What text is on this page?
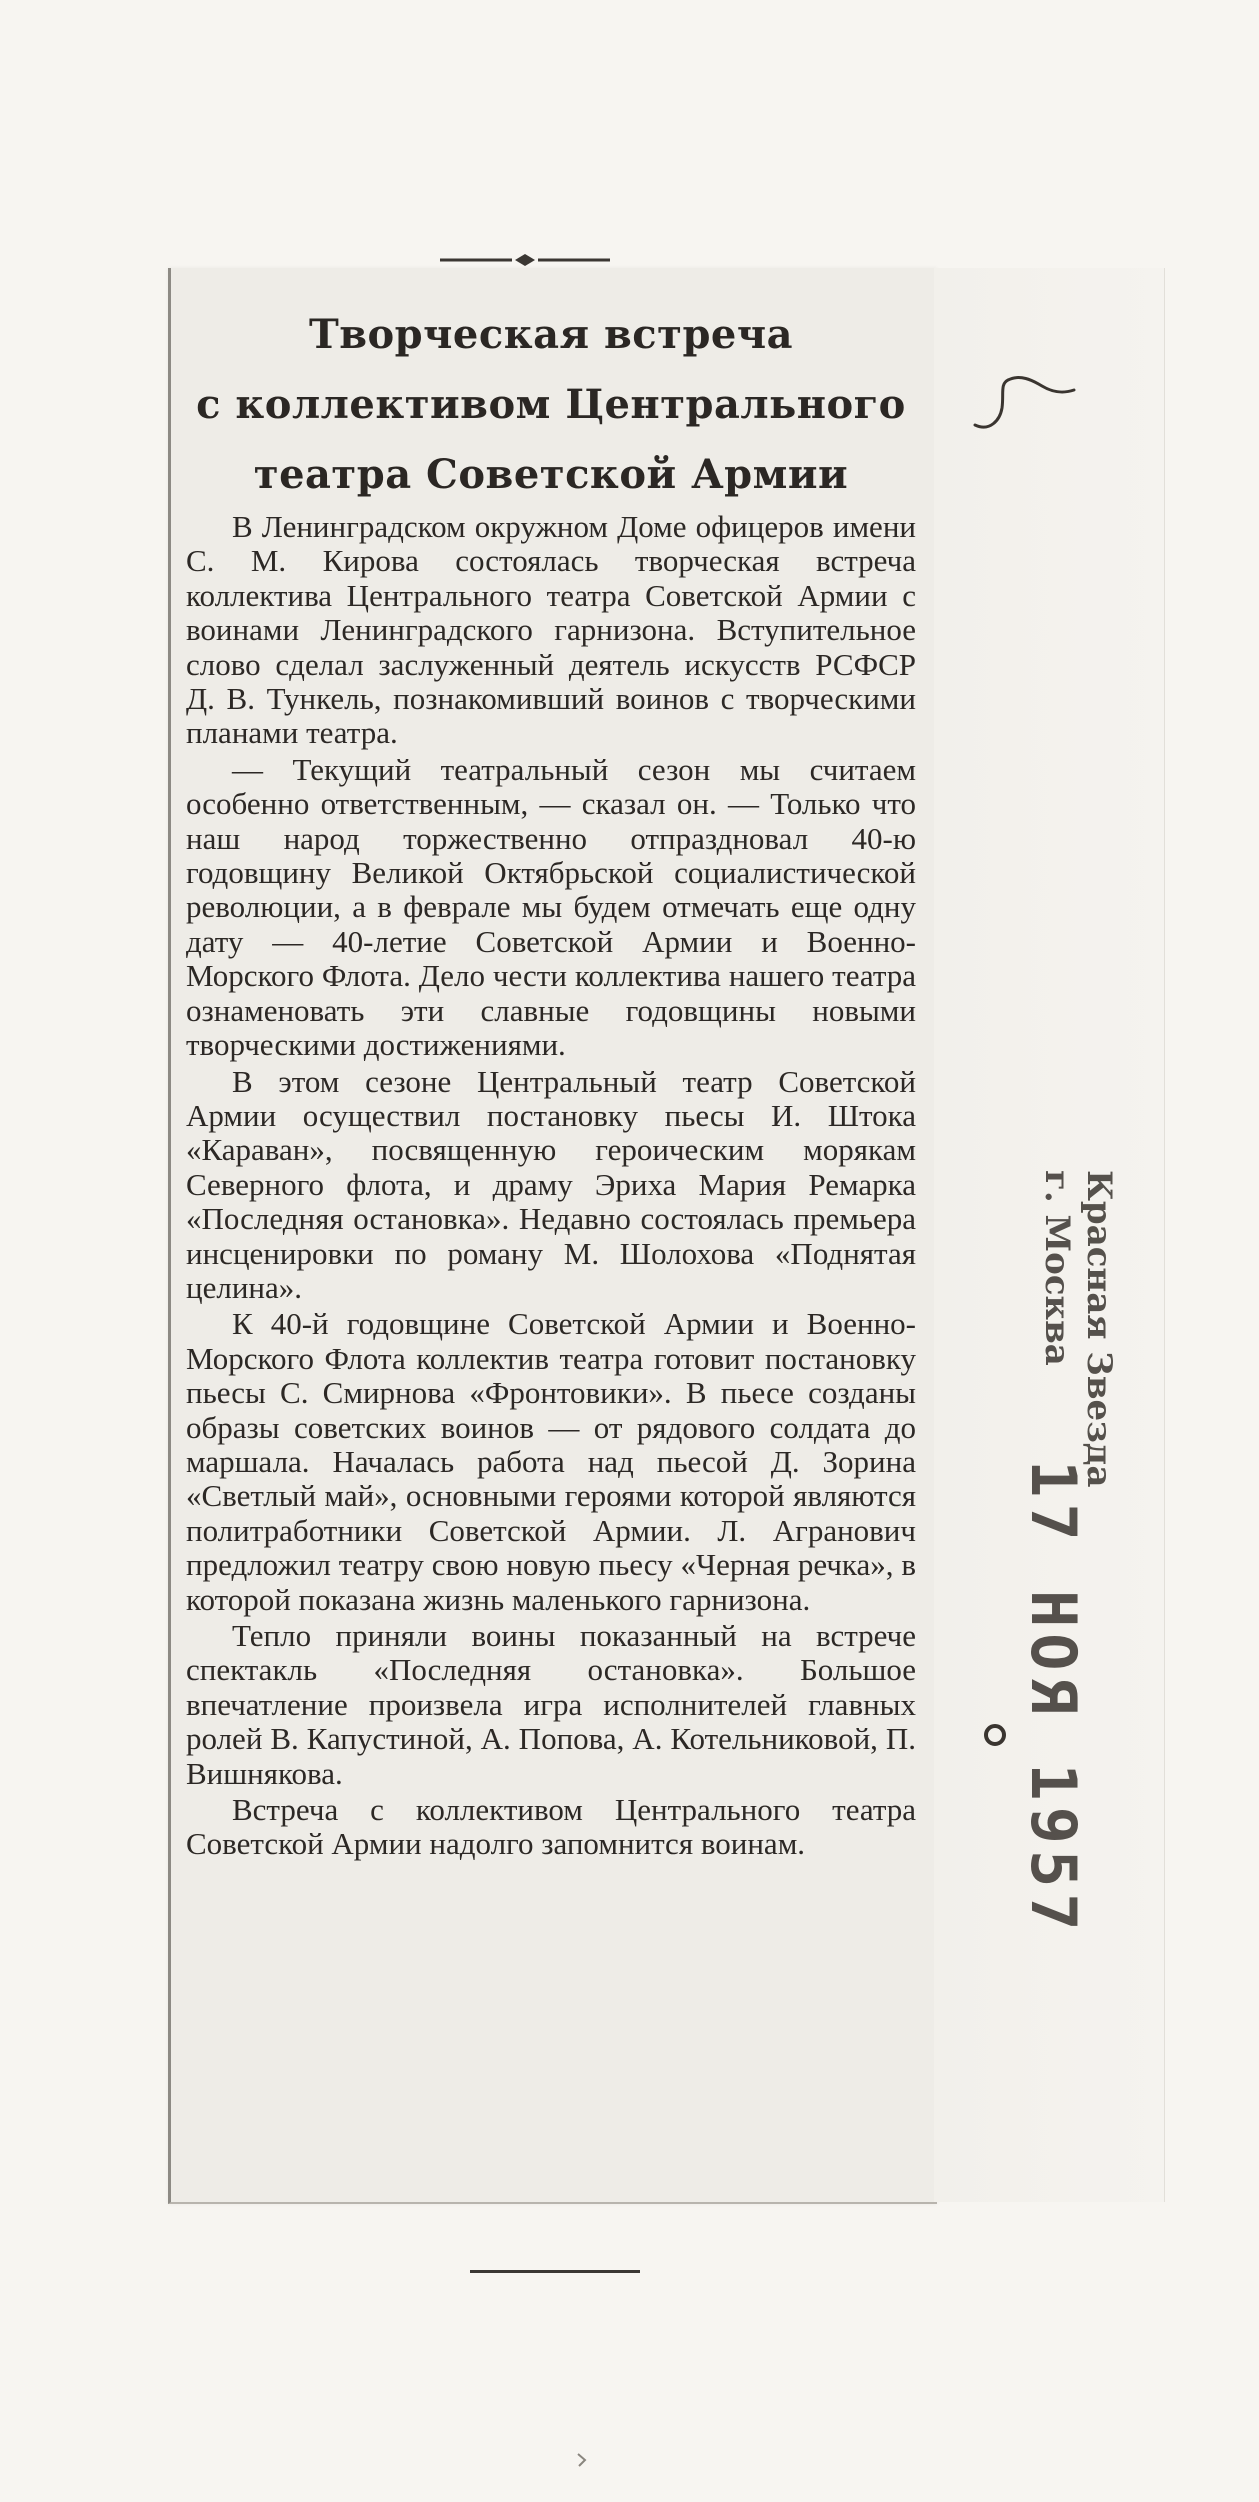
Творческая встреча
с коллективом Центрального
театра Советской Армии

В Ленинградском окружном Доме офицеров имени С. М. Кирова состоялась творческая встреча коллектива Центрального театра Советской Армии с воинами Ленинградского гарнизона. Вступительное слово сделал заслуженный деятель искусств РСФСР Д. В. Тункель, познакомивший воинов с творческими планами театра.

— Текущий театральный сезон мы считаем особенно ответственным, — сказал он. — Только что наш народ торжественно отпраздновал 40-ю годовщину Великой Октябрьской социалистической революции, а в феврале мы будем отмечать еще одну дату — 40-летие Советской Армии и Военно-Морского Флота. Дело чести коллектива нашего театра ознаменовать эти славные годовщины новыми творческими достижениями.

В этом сезоне Центральный театр Советской Армии осуществил постановку пьесы И. Штока «Караван», посвященную героическим морякам Северного флота, и драму Эриха Мария Ремарка «Последняя остановка». Недавно состоялась премьера инсценировки по роману М. Шолохова «Поднятая целина».

К 40-й годовщине Советской Армии и Военно-Морского Флота коллектив театра готовит постановку пьесы С. Смирнова «Фронтовики». В пьесе созданы образы советских воинов — от рядового солдата до маршала. Началась работа над пьесой Д. Зорина «Светлый май», основными героями которой являются политработники Советской Армии. Л. Агранович предложил театру свою новую пьесу «Черная речка», в которой показана жизнь маленького гарнизона.

Тепло приняли воины показанный на встрече спектакль «Последняя остановка». Большое впечатление произвела игра исполнителей главных ролей В. Капустиной, А. Попова, А. Котельниковой, П. Вишнякова.

Встреча с коллективом Центрального театра Советской Армии надолго запомнится воинам.

Красная Звезда
г. Москва
17 НОЯ 1957
